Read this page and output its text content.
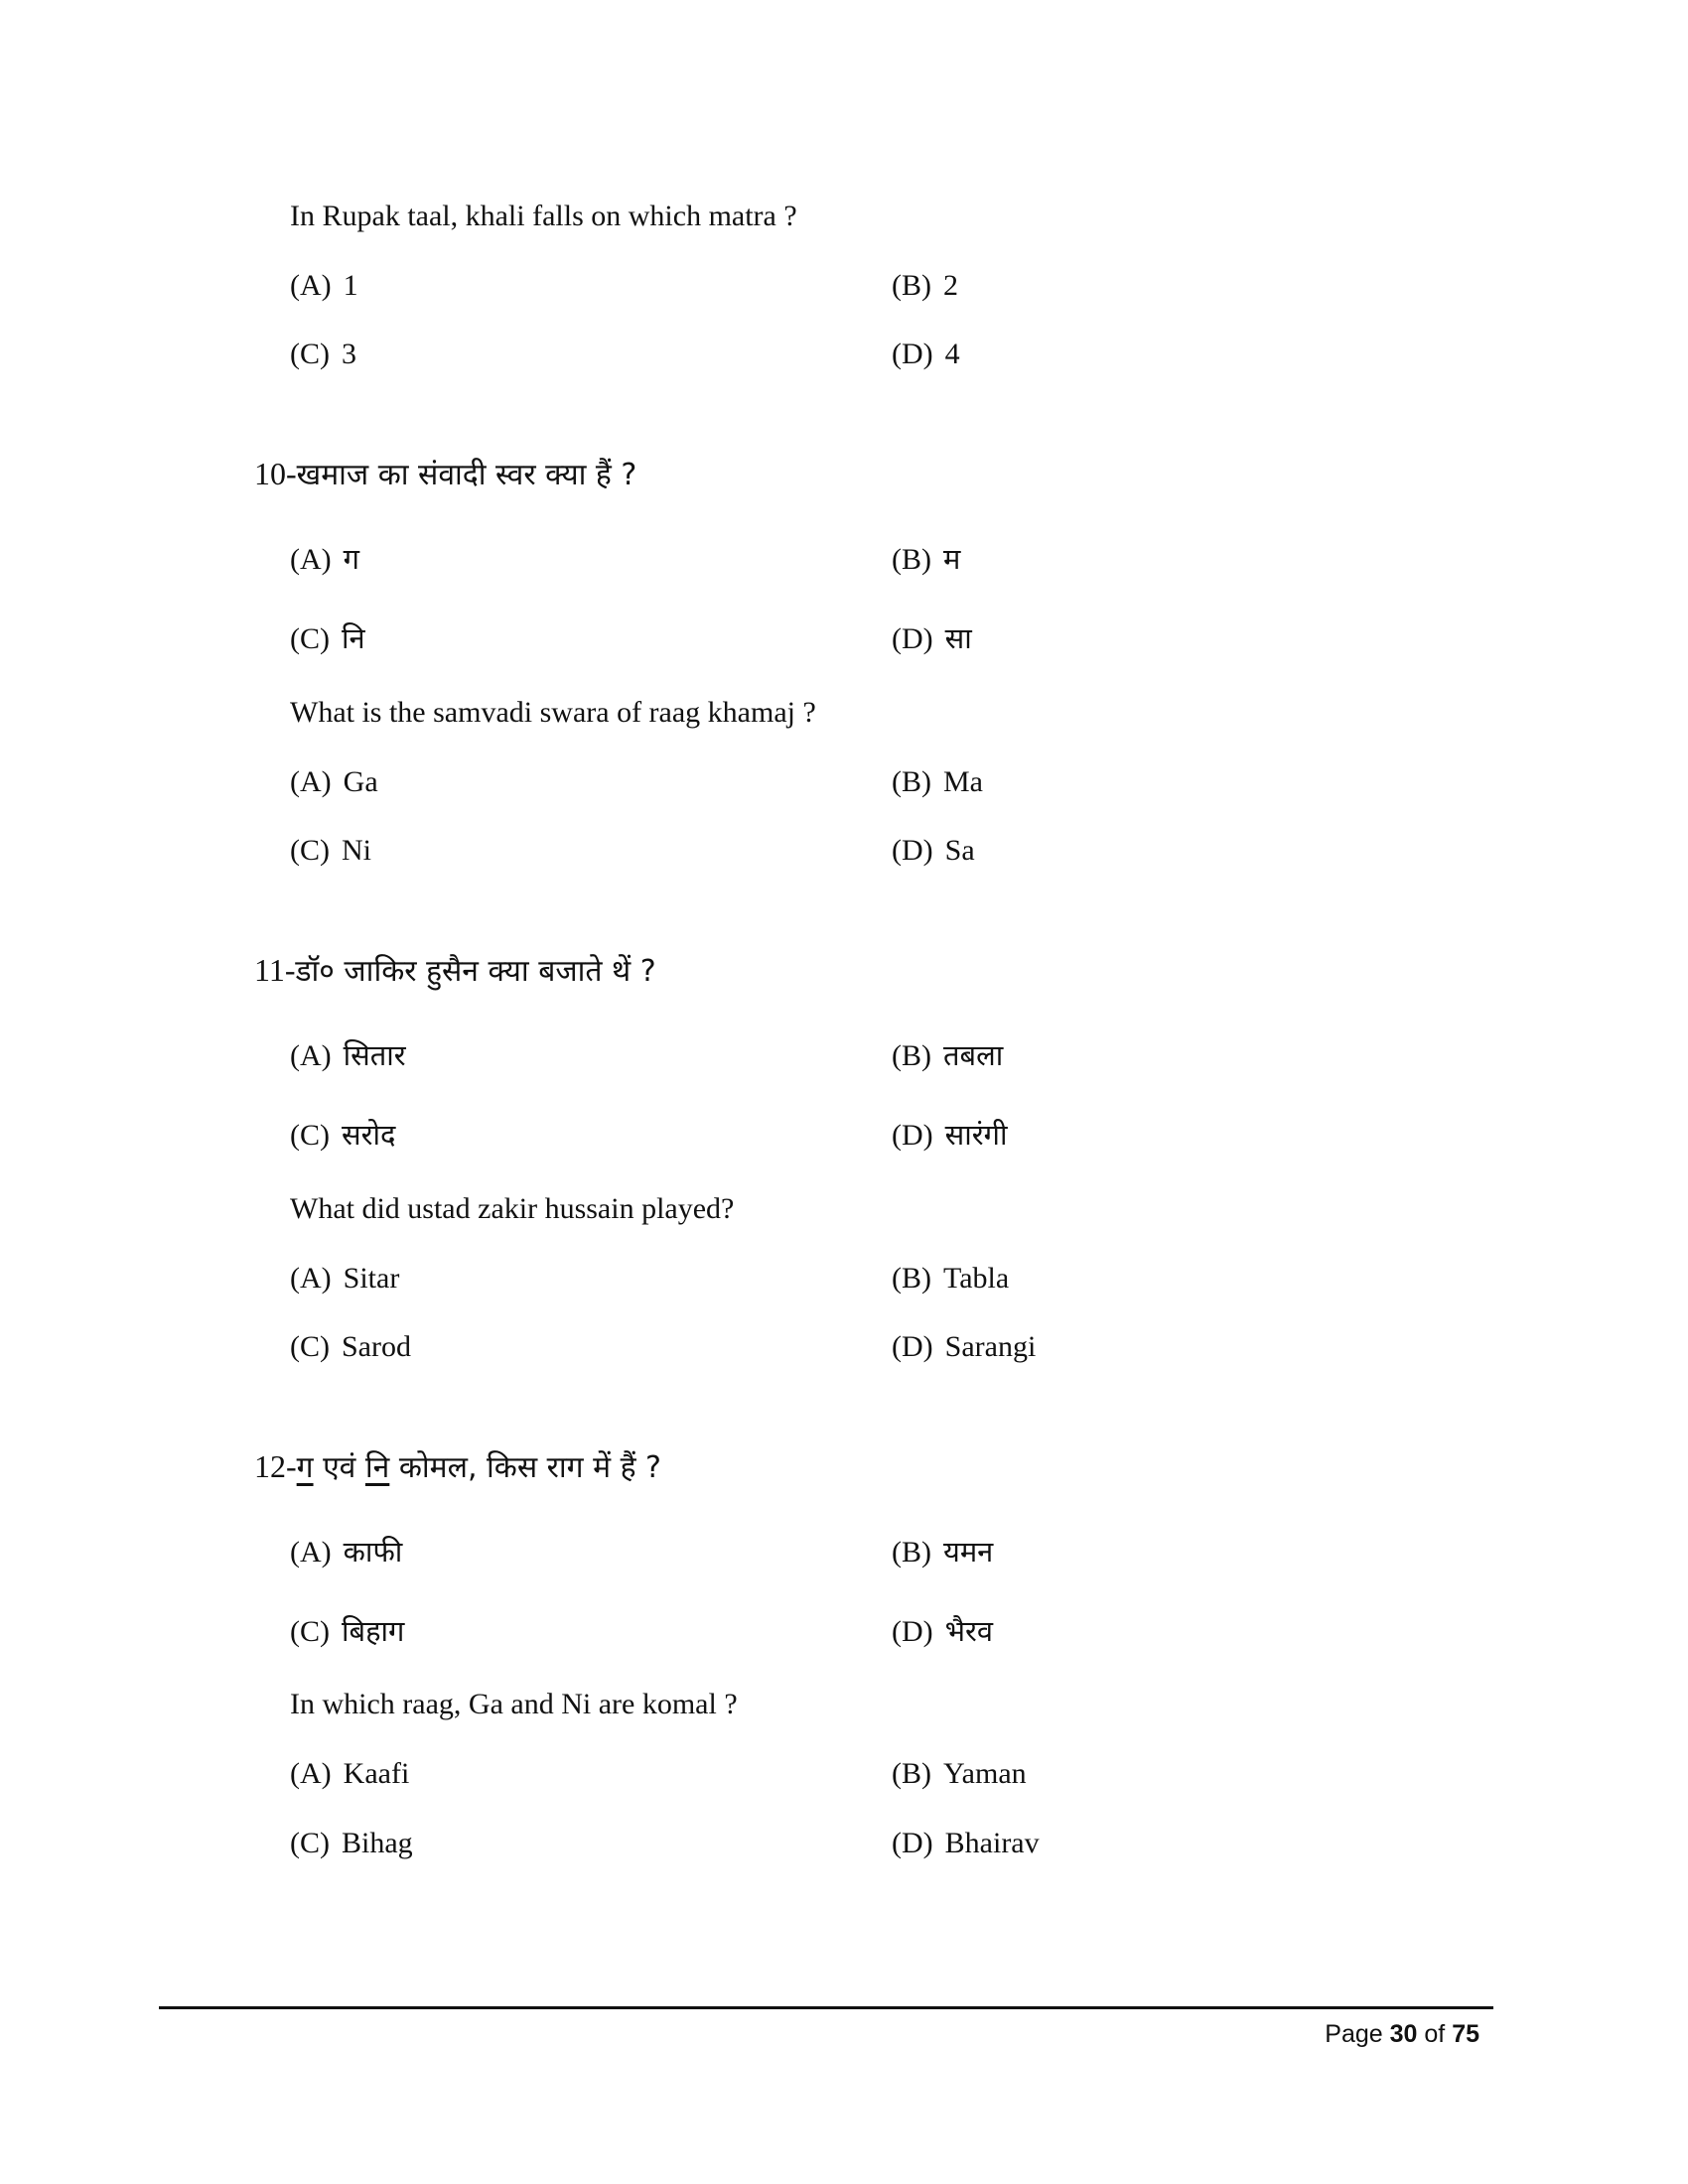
In Rupak taal, khali falls on which matra ?
(A) 1	(B) 2
(C) 3	(D) 4
10-खमाज का संवादी स्वर क्या हैं ?
(A) ग	(B) म
(C) नि	(D) सा
What is the samvadi swara of raag khamaj ?
(A) Ga	(B) Ma
(C) Ni	(D) Sa
11-डॉ० जाकिर हुसैन क्या बजाते थें ?
(A) सितार	(B) तबला
(C) सरोद	(D) सारंगी
What did ustad zakir hussain played?
(A) Sitar	(B) Tabla
(C) Sarod	(D) Sarangi
12-ग एवं नि कोमल, किस राग में हैं ?
(A) काफी	(B) यमन
(C) बिहाग	(D) भैरव
In which raag, Ga and Ni are komal ?
(A) Kaafi	(B) Yaman
(C) Bihag	(D) Bhairav
Page 30 of 75
